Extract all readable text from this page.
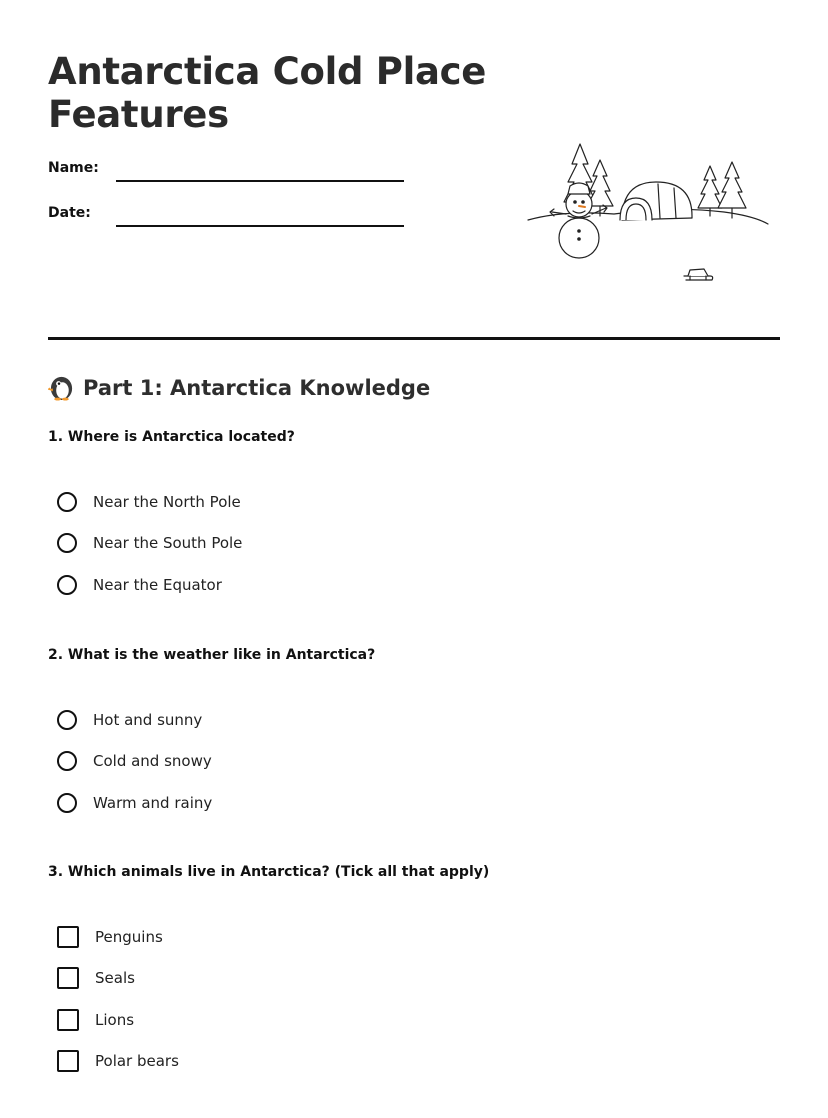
Antarctica Cold Place Features
Name:
Date:
Part 1: Antarctica Knowledge
1. Where is Antarctica located?
Near the North Pole
Near the South Pole
Near the Equator
2. What is the weather like in Antarctica?
Hot and sunny
Cold and snowy
Warm and rainy
3. Which animals live in Antarctica? (Tick all that apply)
Penguins
Seals
Lions
Polar bears
